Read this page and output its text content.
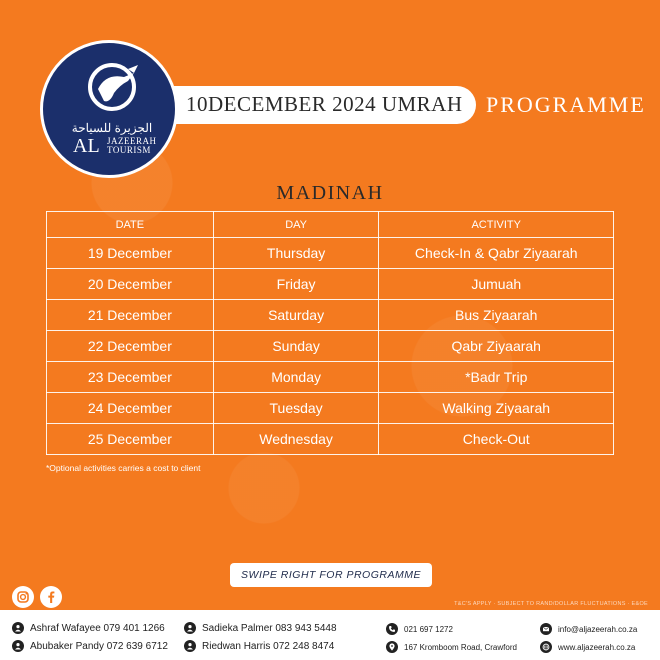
10DECEMBER 2024 UMRAH PROGRAMME
الجزيرة للسياحة
AL JAZEERAH
TOURISM
MADINAH
DATE	DAY	ACTIVITY
19 December	Thursday	Check-In & Qabr Ziyaarah
20 December	Friday	Jumuah
21 December	Saturday	Bus Ziyaarah
22 December	Sunday	Qabr Ziyaarah
23 December	Monday	*Badr Trip
24 December	Tuesday	Walking Ziyaarah
25 December	Wednesday	Check-Out
*Optional activities carries a cost to client
SWIPE RIGHT FOR PROGRAMME
T&C'S APPLY · SUBJECT TO RAND/DOLLAR FLUCTUATIONS · E&OE
Ashraf Wafayee 079 401 1266
Abubaker Pandy 072 639 6712
Sadieka Palmer 083 943 5448
Riedwan Harris 072 248 8474
021 697 1272
167 Kromboom Road, Crawford
info@aljazeerah.co.za
www.aljazeerah.co.za
